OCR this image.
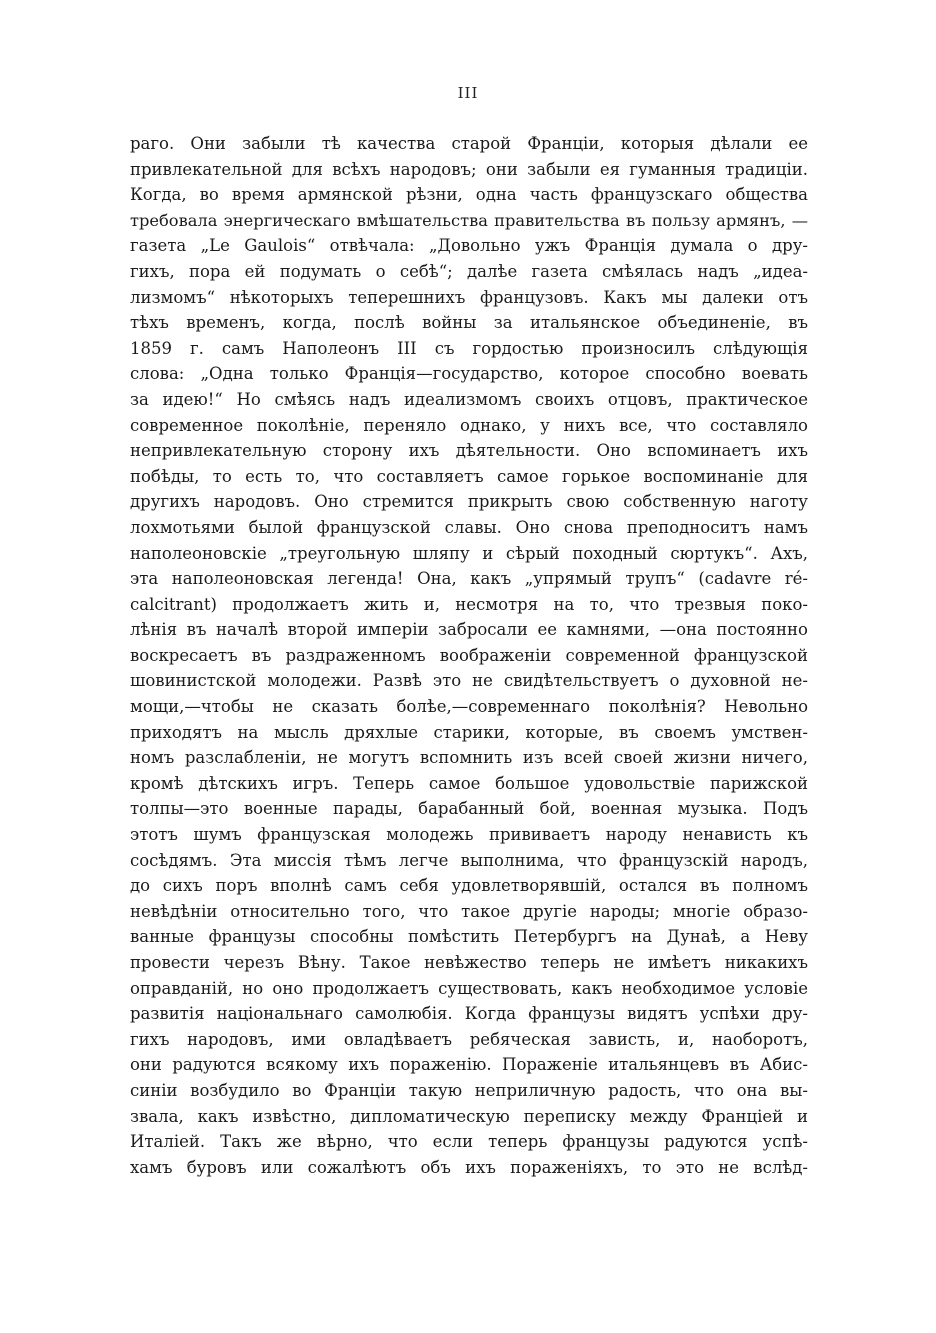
III
раго. Они забыли тѣ качества старой Франціи, которыя дѣлали ее
привлекательной для всѣхъ народовъ; они забыли ея гуманныя традиціи.
Когда, во время армянской рѣзни, одна часть французскаго общества
требовала энергическаго вмѣшательства правительства въ пользу армянъ, —
газета „Le Gaulois“ отвѣчала: „Довольно ужъ Франція думала о дру-
гихъ, пора ей подумать о себѣ“; далѣе газета смѣялась надъ „идеа-
лизмомъ“ нѣкоторыхъ теперешнихъ французовъ. Какъ мы далеки отъ
тѣхъ временъ, когда, послѣ войны за итальянское объединеніе, въ
1859 г. самъ Наполеонъ III съ гордостью произносилъ слѣдующія
слова: „Одна только Франція—государство, которое способно воевать
за идею!“ Но смѣясь надъ идеализмомъ своихъ отцовъ, практическое
современное поколѣніе, переняло однако, у нихъ все, что составляло
непривлекательную сторону ихъ дѣятельности. Оно вспоминаетъ ихъ
побѣды, то есть то, что составляетъ самое горькое воспоминаніе для
другихъ народовъ. Оно стремится прикрыть свою собственную наготу
лохмотьями былой французской славы. Оно снова преподноситъ намъ
наполеоновскіе „треугольную шляпу и сѣрый походный сюртукъ“. Ахъ,
эта наполеоновская легенда! Она, какъ „упрямый трупъ“ (cadavre ré-
calcitrant) продолжаетъ жить и, несмотря на то, что трезвыя поко-
лѣнія въ началѣ второй имперіи забросали ее камнями, —она постоянно
воскресаетъ въ раздраженномъ воображеніи современной французской
шовинистской молодежи. Развѣ это не свидѣтельствуетъ о духовной не-
мощи,—чтобы не сказать болѣе,—современнаго поколѣнія? Невольно
приходятъ на мысль дряхлые старики, которые, въ своемъ умствен-
номъ разслабленіи, не могутъ вспомнить изъ всей своей жизни ничего,
кромѣ дѣтскихъ игръ. Теперь самое большое удовольствіе парижской
толпы—это военные парады, барабанный бой, военная музыка. Подъ
этотъ шумъ французская молодежь прививаетъ народу ненависть къ
сосѣдямъ. Эта миссія тѣмъ легче выполнима, что французскій народъ,
до сихъ поръ вполнѣ самъ себя удовлетворявшій, остался въ полномъ
невѣдѣніи относительно того, что такое другіе народы; многіе образо-
ванные французы способны помѣстить Петербургъ на Дунаѣ, а Неву
провести черезъ Вѣну. Такое невѣжество теперь не имѣетъ никакихъ
оправданій, но оно продолжаетъ существовать, какъ необходимое условіе
развитія національнаго самолюбія. Когда французы видятъ успѣхи дру-
гихъ народовъ, ими овладѣваетъ ребяческая зависть, и, наоборотъ,
они радуются всякому ихъ пораженію. Пораженіе итальянцевъ въ Абис-
синіи возбудило во Франціи такую неприличную радость, что она вы-
звала, какъ извѣстно, дипломатическую переписку между Франціей и
Италіей. Такъ же вѣрно, что если теперь французы радуются успѣ-
хамъ буровъ или сожалѣютъ объ ихъ пораженіяхъ, то это не вслѣд-
